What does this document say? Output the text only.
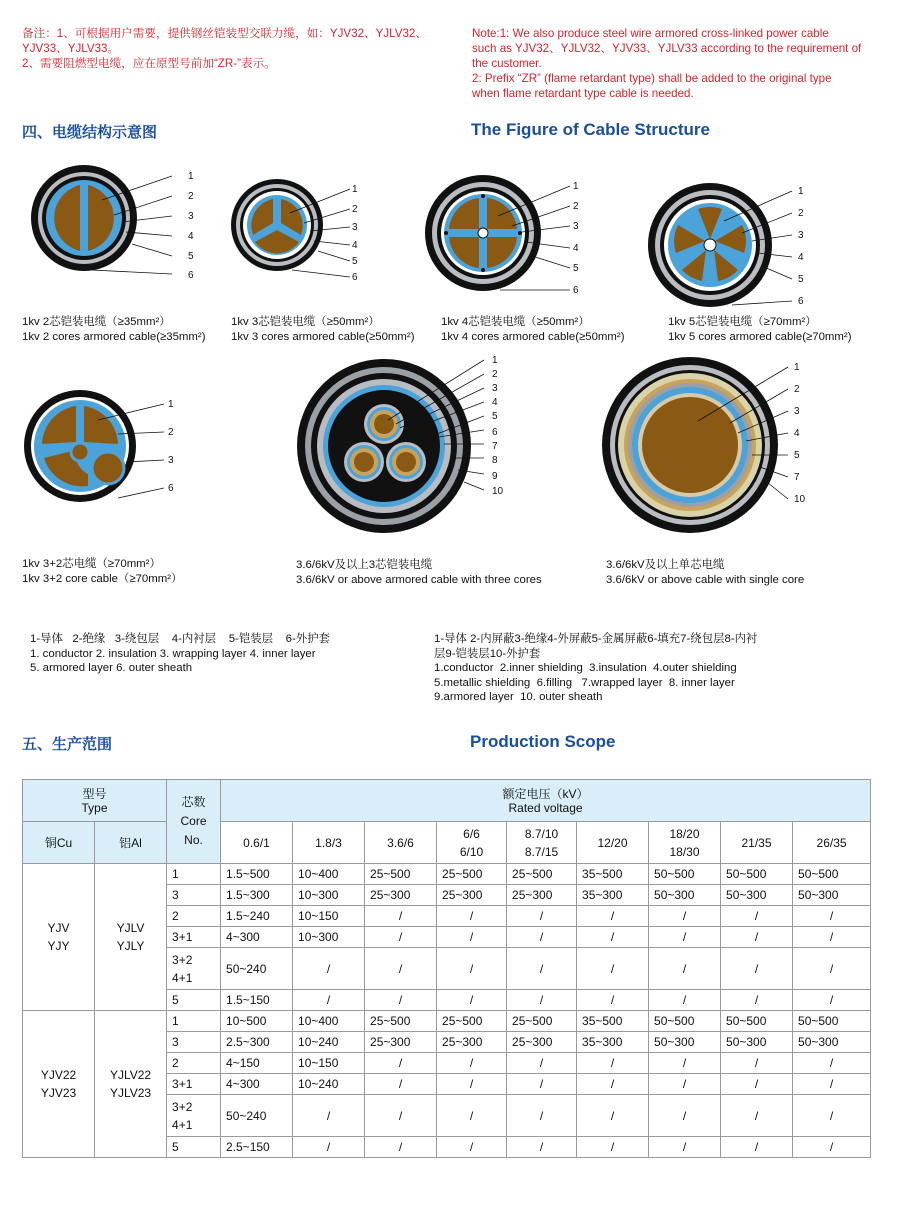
备注：1、可根据用户需要，提供钢丝铠装型交联力缆，如：YJV32、YJLV32、
YJV33、YJLV33。
2、需要阻燃型电缆，应在原型号前加“ZR-”表示。
Note:1: We also produce steel wire armored cross-linked power cable
such as YJV32、YJLV32、YJV33、YJLV33 according to the requirement of
the customer.
2: Prefix “ZR” (flame retardant type) shall be added to the original type
when flame retardant type cable is needed.
四、电缆结构示意图	The Figure of Cable Structure
1
2
3
4
5
6
1kv 2芯铠装电缆（≥35mm²）
1kv 2 cores armored cable(≥35mm²)
1
2
3
4
5
6
1kv 3芯铠装电缆（≥50mm²）
1kv 3 cores armored cable(≥50mm²)
1
2
3
4
5
6
1kv 4芯铠装电缆（≥50mm²）
1kv 4 cores armored cable(≥50mm²)
1
2
3
4
5
6
1kv 5芯铠装电缆（≥70mm²）
1kv 5 cores armored cable(≥70mm²)
1
2
3
6
1kv 3+2芯电缆（≥70mm²）
1kv 3+2 core cable（≥70mm²）
1
2
3
4
5
6
7
8
9
10
3.6/6kV及以上3芯铠装电缆
3.6/6kV or above armored cable with three cores
1
2
3
4
5
7
10
3.6/6kV及以上单芯电缆
3.6/6kV or above cable with single core
1-导体   2-绝缘   3-绕包层    4-内衬层    5-铠装层    6-外护套
1. conductor 2. insulation 3. wrapping layer 4. inner layer
5. armored layer 6. outer sheath
1-导体 2-内屏蔽3-绝缘4-外屏蔽5-金属屏蔽6-填充7-绕包层8-内衬
层9-铠装层10-外护套
1.conductor  2.inner shielding  3.insulation  4.outer shielding
5.metallic shielding  6.filling   7.wrapped layer  8. inner layer
9.armored layer  10. outer sheath
五、生产范围	Production Scope
型号
Type		芯数
Core
No.	额定电压（kV）
Rated voltage								
铜Cu	铝Al		0.6/1	1.8/3	3.6/6	6/6
6/10	8.7/10
8.7/15	12/20	18/20
18/30	21/35	26/35
YJV
YJY	YJLV
YJLY	1	1.5~500	10~400	25~500	25~500	25~500	35~500	50~500	50~500	50~500
		3	1.5~300	10~300	25~300	25~300	25~300	35~300	50~300	50~300	50~300
		2	1.5~240	10~150	/	/	/	/	/	/	/
		3+1	4~300	10~300	/	/	/	/	/	/	/
		3+2
4+1	50~240	/	/	/	/	/	/	/	/
		5	1.5~150	/	/	/	/	/	/	/	/
YJV22
YJV23	YJLV22
YJLV23	1	10~500	10~400	25~500	25~500	25~500	35~500	50~500	50~500	50~500
		3	2.5~300	10~240	25~300	25~300	25~300	35~300	50~300	50~300	50~300
		2	4~150	10~150	/	/	/	/	/	/	/
		3+1	4~300	10~240	/	/	/	/	/	/	/
		3+2
4+1	50~240	/	/	/	/	/	/	/	/
		5	2.5~150	/	/	/	/	/	/	/	/
